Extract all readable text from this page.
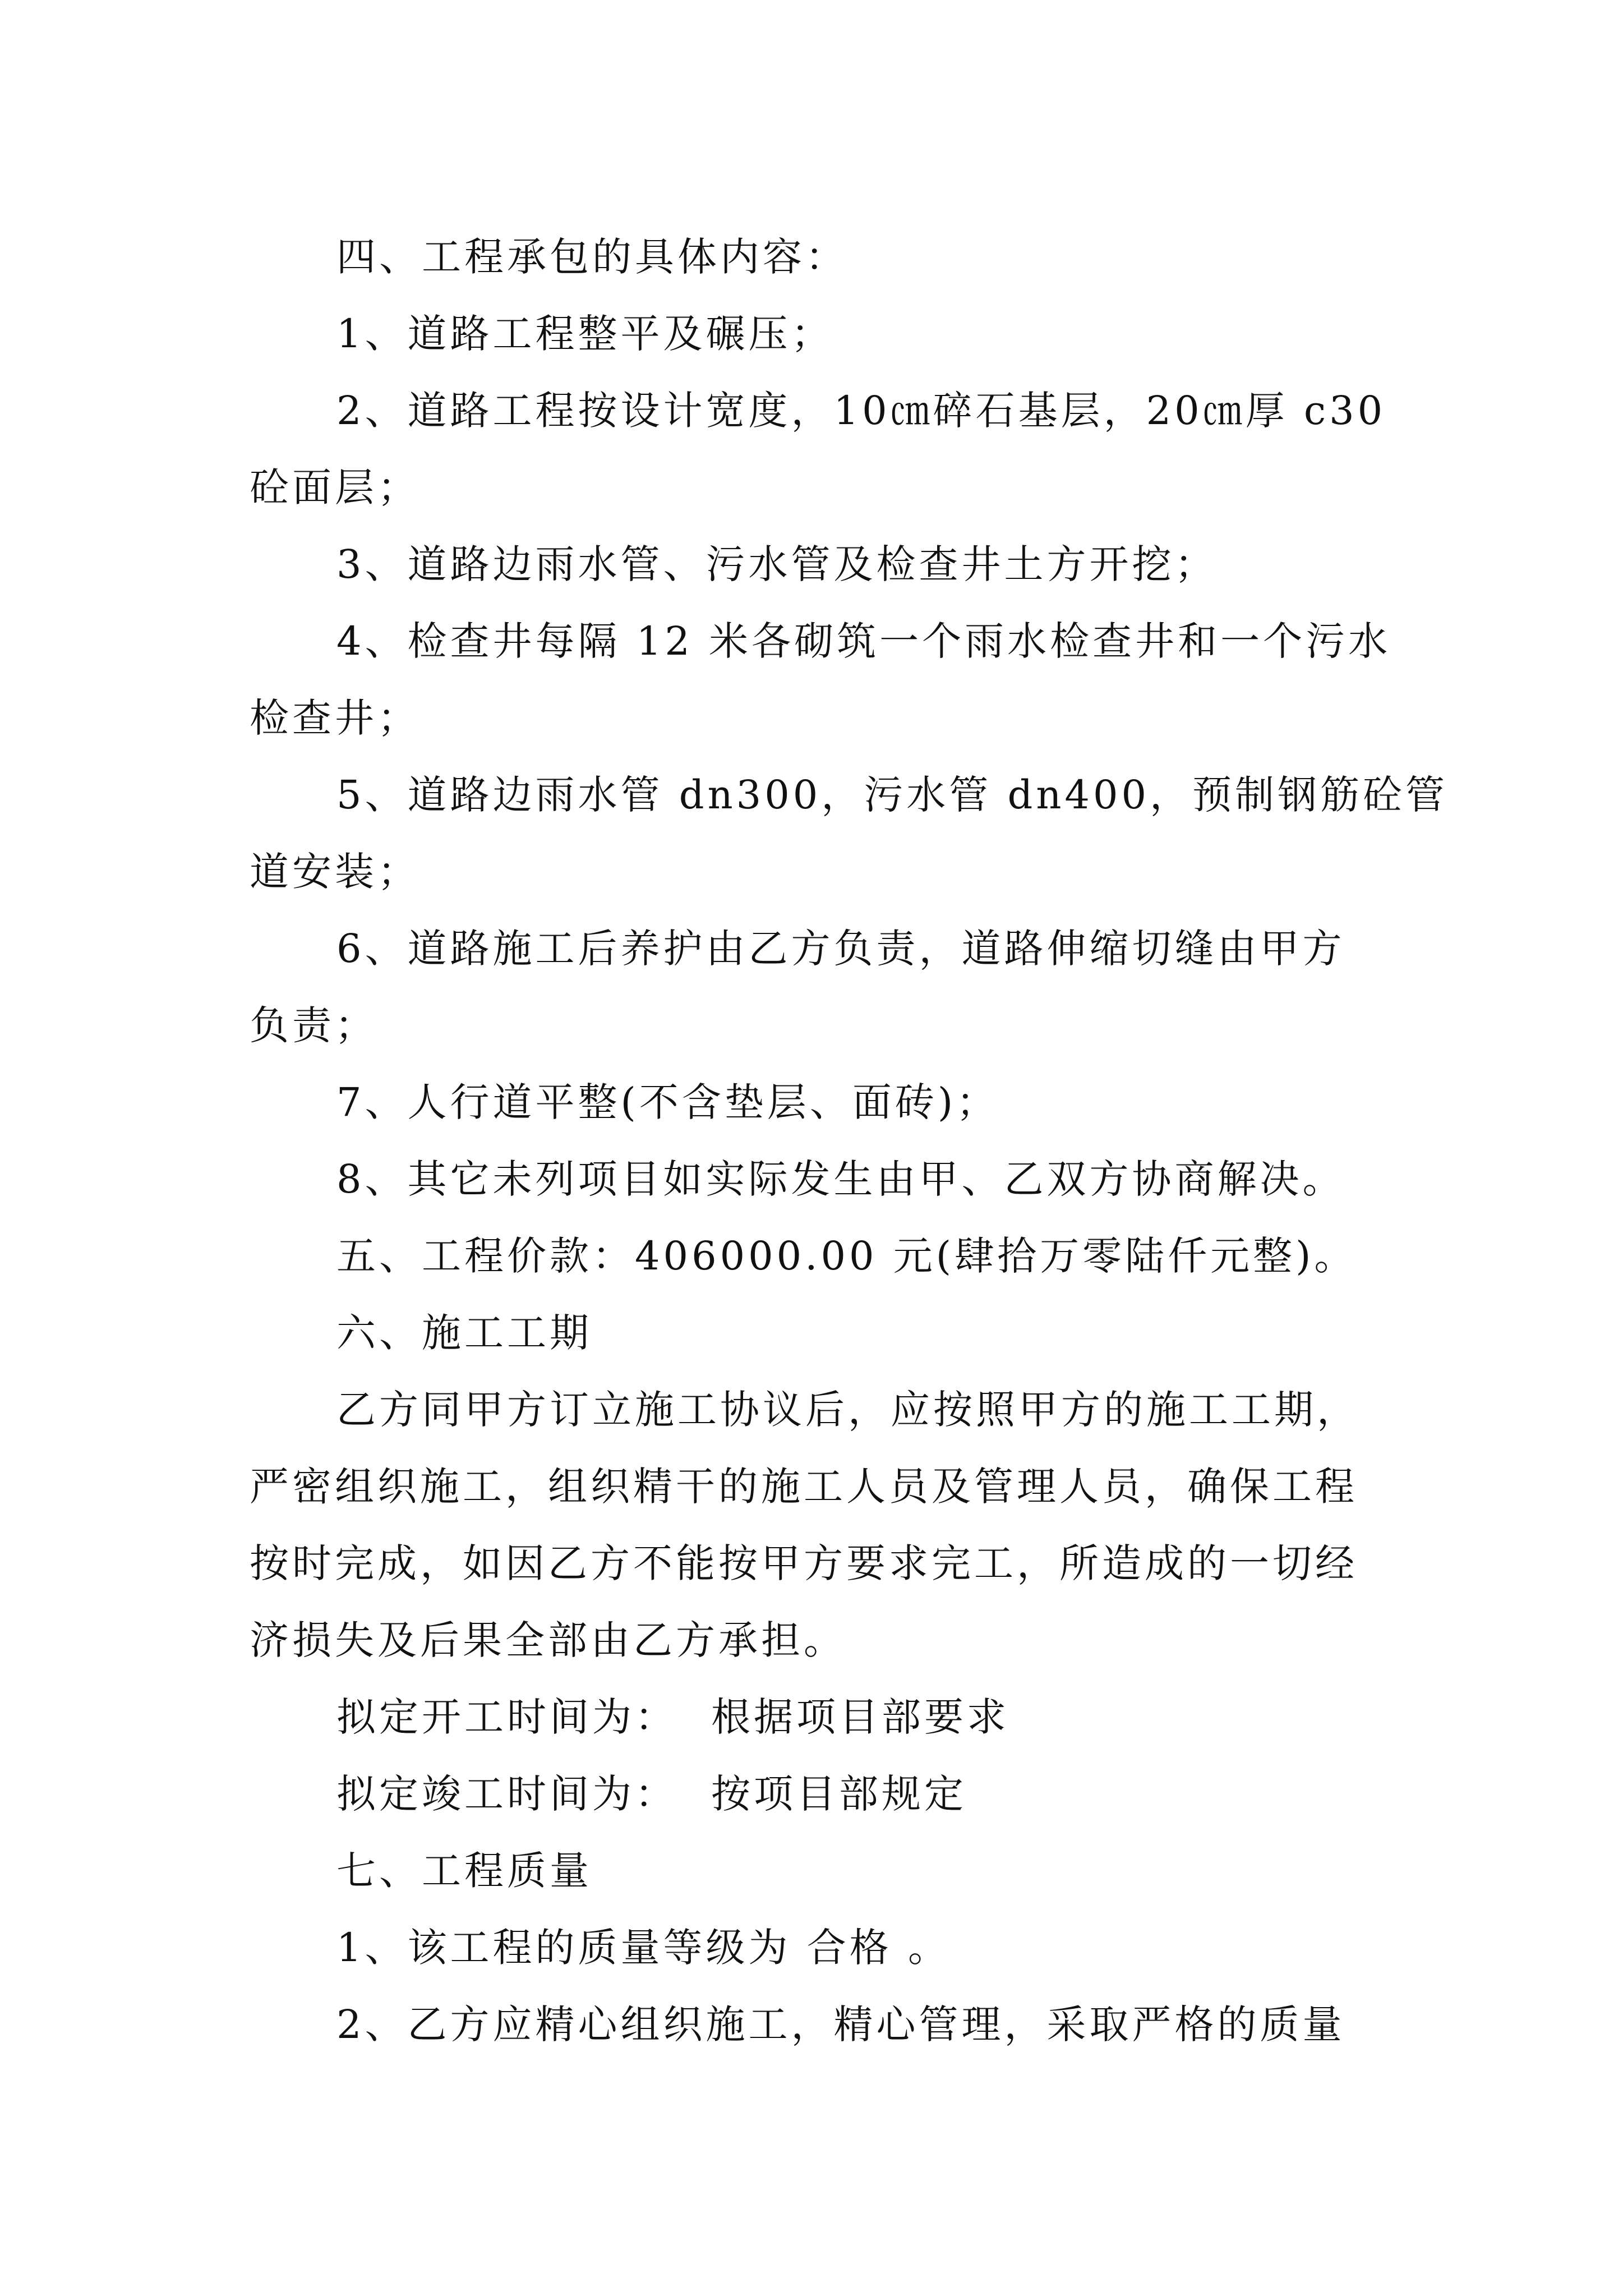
四、工程承包的具体内容：

1、道路工程整平及碾压；

2、道路工程按设计宽度，10㎝碎石基层，20㎝厚 c30

砼面层；

3、道路边雨水管、污水管及检查井土方开挖；

4、检查井每隔 12 米各砌筑一个雨水检查井和一个污水

检查井；

5、道路边雨水管 dn300，污水管 dn400，预制钢筋砼管

道安装；

6、道路施工后养护由乙方负责，道路伸缩切缝由甲方

负责；

7、人行道平整(不含垫层、面砖)；

8、其它未列项目如实际发生由甲、乙双方协商解决。

五、工程价款：406000.00 元(肆拾万零陆仟元整)。

六、施工工期

乙方同甲方订立施工协议后，应按照甲方的施工工期，

严密组织施工，组织精干的施工人员及管理人员，确保工程

按时完成，如因乙方不能按甲方要求完工，所造成的一切经

济损失及后果全部由乙方承担。

拟定开工时间为： 根据项目部要求

拟定竣工时间为： 按项目部规定

七、工程质量

1、该工程的质量等级为 合格 。

2、乙方应精心组织施工，精心管理，采取严格的质量
